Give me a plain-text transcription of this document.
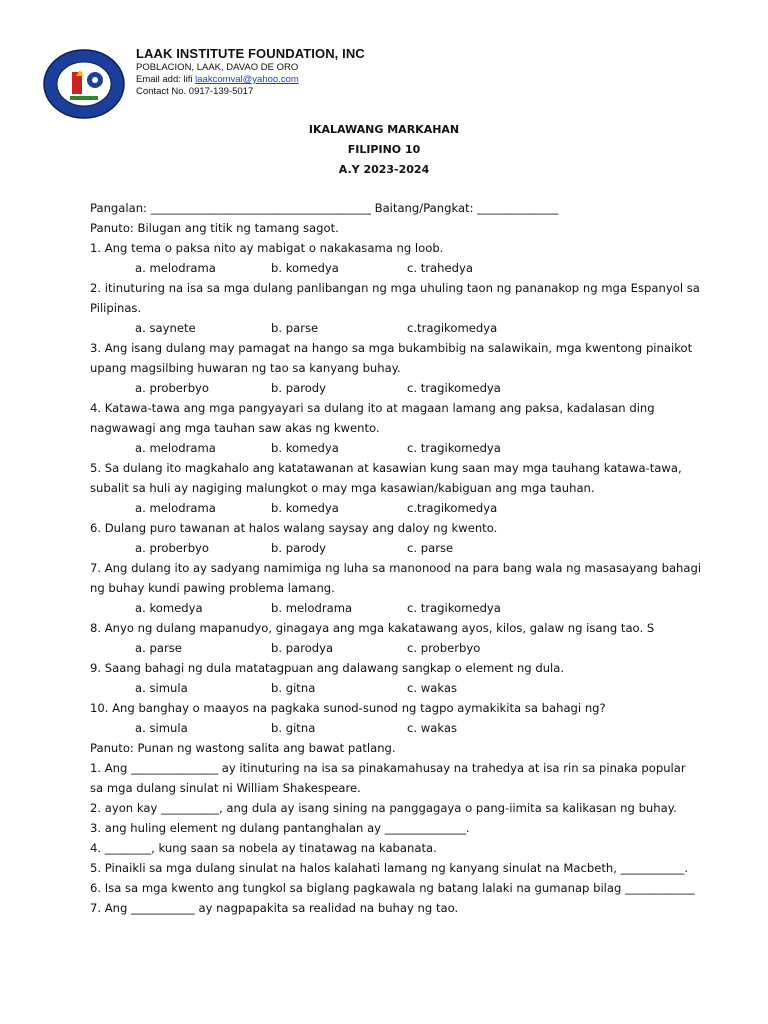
LAAK INSTITUTE FOUNDATION, INC
POBLACION, LAAK, DAVAO DE ORO
Email add: lifi laakcomval@yahoo.com
Contact No. 0917-139-5017
IKALAWANG MARKAHAN
FILIPINO 10
A.Y 2023-2024
Pangalan: ______________________________________ Baitang/Pangkat: ______________
Panuto: Bilugan ang titik ng tamang sagot.
1. Ang tema o paksa nito ay mabigat o nakakasama ng loob.
a. melodrama	b. komedya	c. trahedya
2. itinuturing na isa sa mga dulang panlibangan ng mga uhuling taon ng pananakop ng mga Espanyol sa
Pilipinas.
a. saynete	b. parse	c.tragikomedya
3. Ang isang dulang may pamagat na hango sa mga bukambibig na salawikain, mga kwentong pinaikot
upang magsilbing huwaran ng tao sa kanyang buhay.
a. proberbyo	b. parody	c. tragikomedya
4. Katawa-tawa ang mga pangyayari sa dulang ito at magaan lamang ang paksa, kadalasan ding
nagwawagi ang mga tauhan saw akas ng kwento.
a. melodrama	b. komedya	c. tragikomedya
5. Sa dulang ito magkahalo ang katatawanan at kasawian kung saan may mga tauhang katawa-tawa,
subalit sa huli ay nagiging malungkot o may mga kasawian/kabiguan ang mga tauhan.
a. melodrama	b. komedya	c.tragikomedya
6. Dulang puro tawanan at halos walang saysay ang daloy ng kwento.
a. proberbyo	b. parody	c. parse
7. Ang dulang ito ay sadyang namimiga ng luha sa manonood na para bang wala ng masasayang bahagi
ng buhay kundi pawing problema lamang.
a. komedya	b. melodrama	c. tragikomedya
8. Anyo ng dulang mapanudyo, ginagaya ang mga kakatawang ayos, kilos, galaw ng isang tao. S
a. parse	b. parodya	c. proberbyo
9. Saang bahagi ng dula matatagpuan ang dalawang sangkap o element ng dula.
a. simula	b. gitna	c. wakas
10. Ang banghay o maayos na pagkaka sunod-sunod ng tagpo aymakikita sa bahagi ng?
a. simula	b. gitna	c. wakas
Panuto: Punan ng wastong salita ang bawat patlang.
1. Ang _______________ ay itinuturing na isa sa pinakamahusay na trahedya at isa rin sa pinaka popular
sa mga dulang sinulat ni William Shakespeare.
2. ayon kay __________, ang dula ay isang sining na panggagaya o pang-iimita sa kalikasan ng buhay.
3. ang huling element ng dulang pantanghalan ay ______________.
4. ________, kung saan sa nobela ay tinatawag na kabanata.
5. Pinaikli sa mga dulang sinulat na halos kalahati lamang ng kanyang sinulat na Macbeth, ___________.
6. Isa sa mga kwento ang tungkol sa biglang pagkawala ng batang lalaki na gumanap bilag ____________
7. Ang ___________ ay nagpapakita sa realidad na buhay ng tao.
